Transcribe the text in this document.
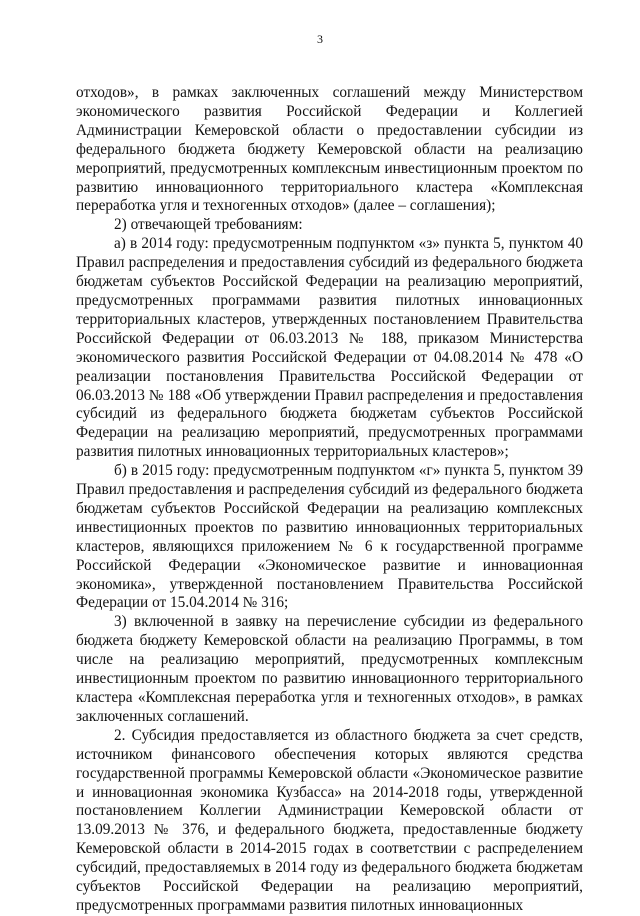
3

отходов», в рамках заключенных соглашений между Министерством экономического развития Российской Федерации и Коллегией Администрации Кемеровской области о предоставлении субсидии из федерального бюджета бюджету Кемеровской области на реализацию мероприятий, предусмотренных комплексным инвестиционным проектом по развитию инновационного территориального кластера «Комплексная переработка угля и техногенных отходов» (далее – соглашения);

2) отвечающей требованиям:

а) в 2014 году: предусмотренным подпунктом «з» пункта 5, пунктом 40 Правил распределения и предоставления субсидий из федерального бюджета бюджетам субъектов Российской Федерации на реализацию мероприятий, предусмотренных программами развития пилотных инновационных территориальных кластеров, утвержденных постановлением Правительства Российской Федерации от 06.03.2013 № 188, приказом Министерства экономического развития Российской Федерации от 04.08.2014 № 478 «О реализации постановления Правительства Российской Федерации от 06.03.2013 № 188 «Об утверждении Правил распределения и предоставления субсидий из федерального бюджета бюджетам субъектов Российской Федерации на реализацию мероприятий, предусмотренных программами развития пилотных инновационных территориальных кластеров»;

б) в 2015 году: предусмотренным подпунктом «г» пункта 5, пунктом 39 Правил предоставления и распределения субсидий из федерального бюджета бюджетам субъектов Российской Федерации на реализацию комплексных инвестиционных проектов по развитию инновационных территориальных кластеров, являющихся приложением № 6 к государственной программе Российской Федерации «Экономическое развитие и инновационная экономика», утвержденной постановлением Правительства Российской Федерации от 15.04.2014 № 316;

3) включенной в заявку на перечисление субсидии из федерального бюджета бюджету Кемеровской области на реализацию Программы, в том числе на реализацию мероприятий, предусмотренных комплексным инвестиционным проектом по развитию инновационного территориального кластера «Комплексная переработка угля и техногенных отходов», в рамках заключенных соглашений.

2. Субсидия предоставляется из областного бюджета за счет средств, источником финансового обеспечения которых являются средства государственной программы Кемеровской области «Экономическое развитие и инновационная экономика Кузбасса» на 2014-2018 годы, утвержденной постановлением Коллегии Администрации Кемеровской области от 13.09.2013 № 376, и федерального бюджета, предоставленные бюджету Кемеровской области в 2014-2015 годах в соответствии с распределением субсидий, предоставляемых в 2014 году из федерального бюджета бюджетам субъектов Российской Федерации на реализацию мероприятий, предусмотренных программами развития пилотных инновационных
